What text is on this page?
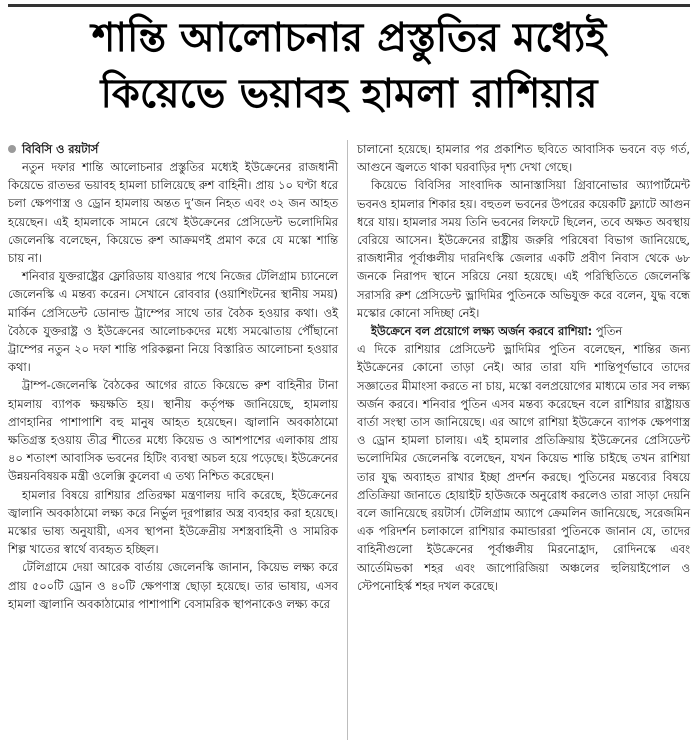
শান্তি আলোচনার প্রস্তুতির মধ্যেই
কিয়েভে ভয়াবহ হামলা রাশিয়ার
বিবিসি ও রয়টার্স

নতুন দফার শান্তি আলোচনার প্রস্তুতির মধ্যেই ইউক্রেনের রাজধানী কিয়েভে রাতভর ভয়াবহ হামলা চালিয়েছে রুশ বাহিনী। প্রায় ১০ ঘণ্টা ধরে চলা ক্ষেপণাস্ত্র ও ড্রোন হামলায় অন্তত দু’জন নিহত এবং ৩২ জন আহত হয়েছেন। এই হামলাকে সামনে রেখে ইউক্রেনের প্রেসিডেন্ট ভলোদিমির জেলেনস্কি বলেছেন, কিয়েভে রুশ আক্রমণই প্রমাণ করে যে মস্কো শান্তি চায় না।

শনিবার যুক্তরাষ্ট্রের ফ্লোরিডায় যাওয়ার পথে নিজের টেলিগ্রাম চ্যানেলে জেলেনস্কি এ মন্তব্য করেন। সেখানে রোববার (ওয়াশিংটনের স্থানীয় সময়) মার্কিন প্রেসিডেন্ট ডোনাল্ড ট্রাম্পের সাথে তার বৈঠক হওয়ার কথা। ওই বৈঠকে যুক্তরাষ্ট্র ও ইউক্রেনের আলোচকদের মধ্যে সমঝোতায় পৌঁছানো ট্রাম্পের নতুন ২০ দফা শান্তি পরিকল্পনা নিয়ে বিস্তারিত আলোচনা হওয়ার কথা।

ট্রাম্প-জেলেনস্কি বৈঠকের আগের রাতে কিয়েভে রুশ বাহিনীর টানা হামলায় ব্যাপক ক্ষয়ক্ষতি হয়। স্থানীয় কর্তৃপক্ষ জানিয়েছে, হামলায় প্রাণহানির পাশাপাশি বহু মানুষ আহত হয়েছেন। জ্বালানি অবকাঠামো ক্ষতিগ্রস্ত হওয়ায় তীব্র শীতের মধ্যে কিয়েভ ও আশপাশের এলাকায় প্রায় ৪০ শতাংশ আবাসিক ভবনের হিটিং ব্যবস্থা অচল হয়ে পড়েছে। ইউক্রেনের উন্নয়নবিষয়ক মন্ত্রী ওলেক্সি কুলেবা এ তথ্য নিশ্চিত করেছেন।

হামলার বিষয়ে রাশিয়ার প্রতিরক্ষা মন্ত্রণালয় দাবি করেছে, ইউক্রেনের জ্বালানি অবকাঠামো লক্ষ্য করে নির্ভুল দূরপাল্লার অস্ত্র ব্যবহার করা হয়েছে। মস্কোর ভাষ্য অনুযায়ী, এসব স্থাপনা ইউক্রেন্রীয় সশস্ত্রবাহিনী ও সামরিক শিল্প খাতের স্বার্থে ব্যবহৃত হচ্ছিল।

টেলিগ্রামে দেয়া আরেক বার্তায় জেলেনস্কি জানান, কিয়েভ লক্ষ্য করে প্রায় ৫০০টি ড্রোন ও ৪০টি ক্ষেপণাস্ত্র ছোড়া হয়েছে। তার ভাষায়, এসব হামলা জ্বালানি অবকাঠামোর পাশাপাশি বেসামরিক স্থাপনাকেও লক্ষ্য করে

চালানো হয়েছে। হামলার পর প্রকাশিত ছবিতে আবাসিক ভবনে বড় গর্ত, আগুনে জ্বলতে থাকা ঘরবাড়ির দৃশ্য দেখা গেছে।

কিয়েভে বিবিসির সাংবাদিক আনাস্তাসিয়া গ্রিবানোভার অ্যাপার্টমেন্ট ভবনও হামলার শিকার হয়। বহুতল ভবনের উপরের কয়েকটি ফ্ল্যাটে আগুন ধরে যায়। হামলার সময় তিনি ভবনের লিফটে ছিলেন, তবে অক্ষত অবস্থায় বেরিয়ে আসেন। ইউক্রেনের রাষ্ট্রীয় জরুরি পরিষেবা বিভাগ জানিয়েছে, রাজধানীর পূর্বাঞ্চলীয় দারনিৎস্কি জেলার একটি প্রবীণ নিবাস থেকে ৬৮ জনকে নিরাপদ স্থানে সরিয়ে নেয়া হয়েছে। এই পরিস্থিতিতে জেলেনস্কি সরাসরি রুশ প্রেসিডেন্ট ভ্লাদিমির পুতিনকে অভিযুক্ত করে বলেন, যুদ্ধ বন্ধে মস্কোর কোনো সদিচ্ছা নেই।

ইউক্রেনে বল প্রয়োগে লক্ষ্য অর্জন করবে রাশিয়া: পুতিন

এ দিকে রাশিয়ার প্রেসিডেন্ট ভ্লাদিমির পুতিন বলেছেন, শান্তির জন্য ইউক্রেনের কোনো তাড়া নেই। আর তারা যদি শান্তিপূর্ণভাবে তাদের সজ্ঞাতের মীমাংসা করতে না চায়, মস্কো বলপ্রয়োগের মাধ্যমে তার সব লক্ষ্য অর্জন করবে। শনিবার পুতিন এসব মন্তব্য করেছেন বলে রাশিয়ার রাষ্ট্রায়ত্ত বার্তা সংস্থা তাস জানিয়েছে। এর আগে রাশিয়া ইউক্রেনে ব্যাপক ক্ষেপণাস্ত্র ও ড্রোন হামলা চালায়। এই হামলার প্রতিক্রিয়ায় ইউক্রেনের প্রেসিডেন্ট ভলোদিমির জেলেনস্কি বলেছেন, যখন কিয়েভ শান্তি চাইছে তখন রাশিয়া তার যুদ্ধ অব্যাহত রাখার ইচ্ছা প্রদর্শন করছে। পুতিনের মন্তব্যের বিষয়ে প্রতিক্রিয়া জানাতে হোয়াইট হাউজকে অনুরোধ করলেও তারা সাড়া দেয়নি বলে জানিয়েছে রয়টার্স। টেলিগ্রাম অ্যাপে ক্রেমলিন জানিয়েছে, সরেজমিন এক পরিদর্শন চলাকালে রাশিয়ার কমান্ডাররা পুতিনকে জানান যে, তাদের বাহিনীগুলো ইউক্রেনের পূর্বাঞ্চলীয় মিরনোহ্রাদ, রোদিনস্কে এবং আর্তেমিভকা শহর এবং জাপোরিজিয়া অঞ্চলের হুলিয়াইপোল ও স্টেপনোহির্স্ক শহর দখল করেছে।
